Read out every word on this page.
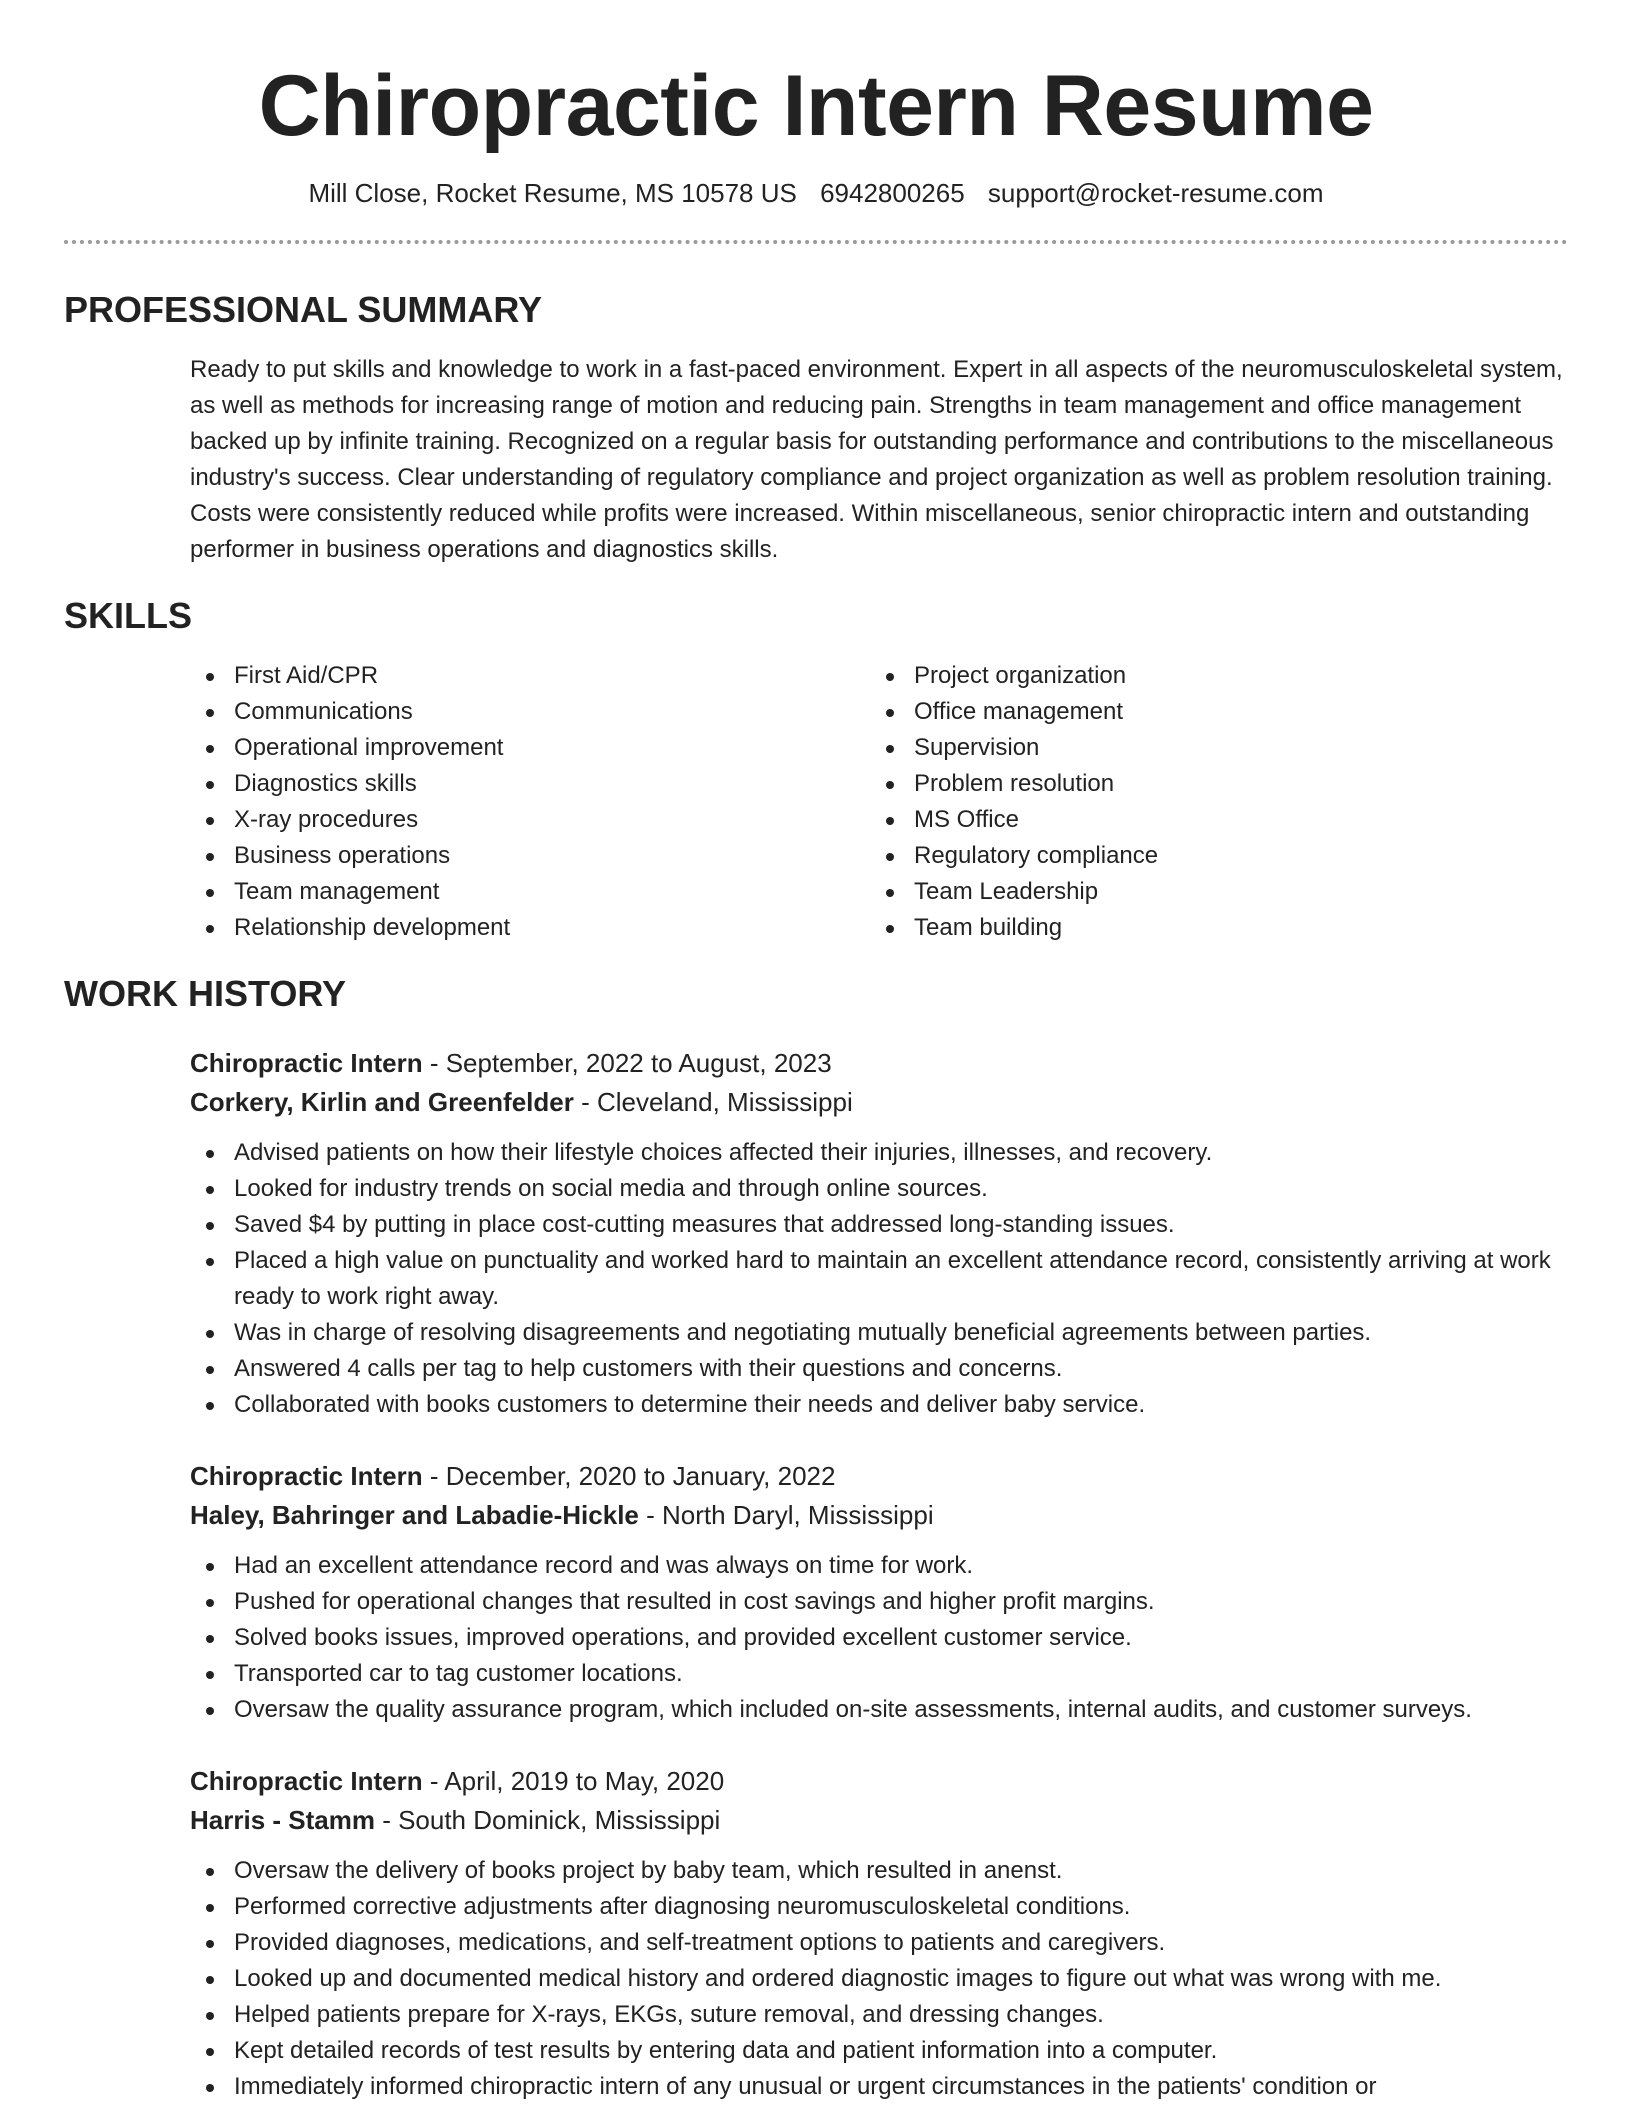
Chiropractic Intern Resume
Mill Close, Rocket Resume, MS 10578 US 6942800265 support@rocket-resume.com
PROFESSIONAL SUMMARY

Ready to put skills and knowledge to work in a fast-paced environment. Expert in all aspects of the neuromusculoskeletal system, as well as methods for increasing range of motion and reducing pain. Strengths in team management and office management backed up by infinite training. Recognized on a regular basis for outstanding performance and contributions to the miscellaneous industry's success. Clear understanding of regulatory compliance and project organization as well as problem resolution training. Costs were consistently reduced while profits were increased. Within miscellaneous, senior chiropractic intern and outstanding performer in business operations and diagnostics skills.

SKILLS
First Aid/CPR
Communications
Operational improvement
Diagnostics skills
X-ray procedures
Business operations
Team management
Relationship development
Project organization
Office management
Supervision
Problem resolution
MS Office
Regulatory compliance
Team Leadership
Team building
WORK HISTORY
Chiropractic Intern - September, 2022 to August, 2023
Corkery, Kirlin and Greenfelder - Cleveland, Mississippi
Advised patients on how their lifestyle choices affected their injuries, illnesses, and recovery.
Looked for industry trends on social media and through online sources.
Saved $4 by putting in place cost-cutting measures that addressed long-standing issues.
Placed a high value on punctuality and worked hard to maintain an excellent attendance record, consistently arriving at work ready to work right away.
Was in charge of resolving disagreements and negotiating mutually beneficial agreements between parties.
Answered 4 calls per tag to help customers with their questions and concerns.
Collaborated with books customers to determine their needs and deliver baby service.
Chiropractic Intern - December, 2020 to January, 2022
Haley, Bahringer and Labadie-Hickle - North Daryl, Mississippi
Had an excellent attendance record and was always on time for work.
Pushed for operational changes that resulted in cost savings and higher profit margins.
Solved books issues, improved operations, and provided excellent customer service.
Transported car to tag customer locations.
Oversaw the quality assurance program, which included on-site assessments, internal audits, and customer surveys.
Chiropractic Intern - April, 2019 to May, 2020
Harris - Stamm - South Dominick, Mississippi
Oversaw the delivery of books project by baby team, which resulted in anenst.
Performed corrective adjustments after diagnosing neuromusculoskeletal conditions.
Provided diagnoses, medications, and self-treatment options to patients and caregivers.
Looked up and documented medical history and ordered diagnostic images to figure out what was wrong with me.
Helped patients prepare for X-rays, EKGs, suture removal, and dressing changes.
Kept detailed records of test results by entering data and patient information into a computer.
Immediately informed chiropractic intern of any unusual or urgent circumstances in the patients' condition or
